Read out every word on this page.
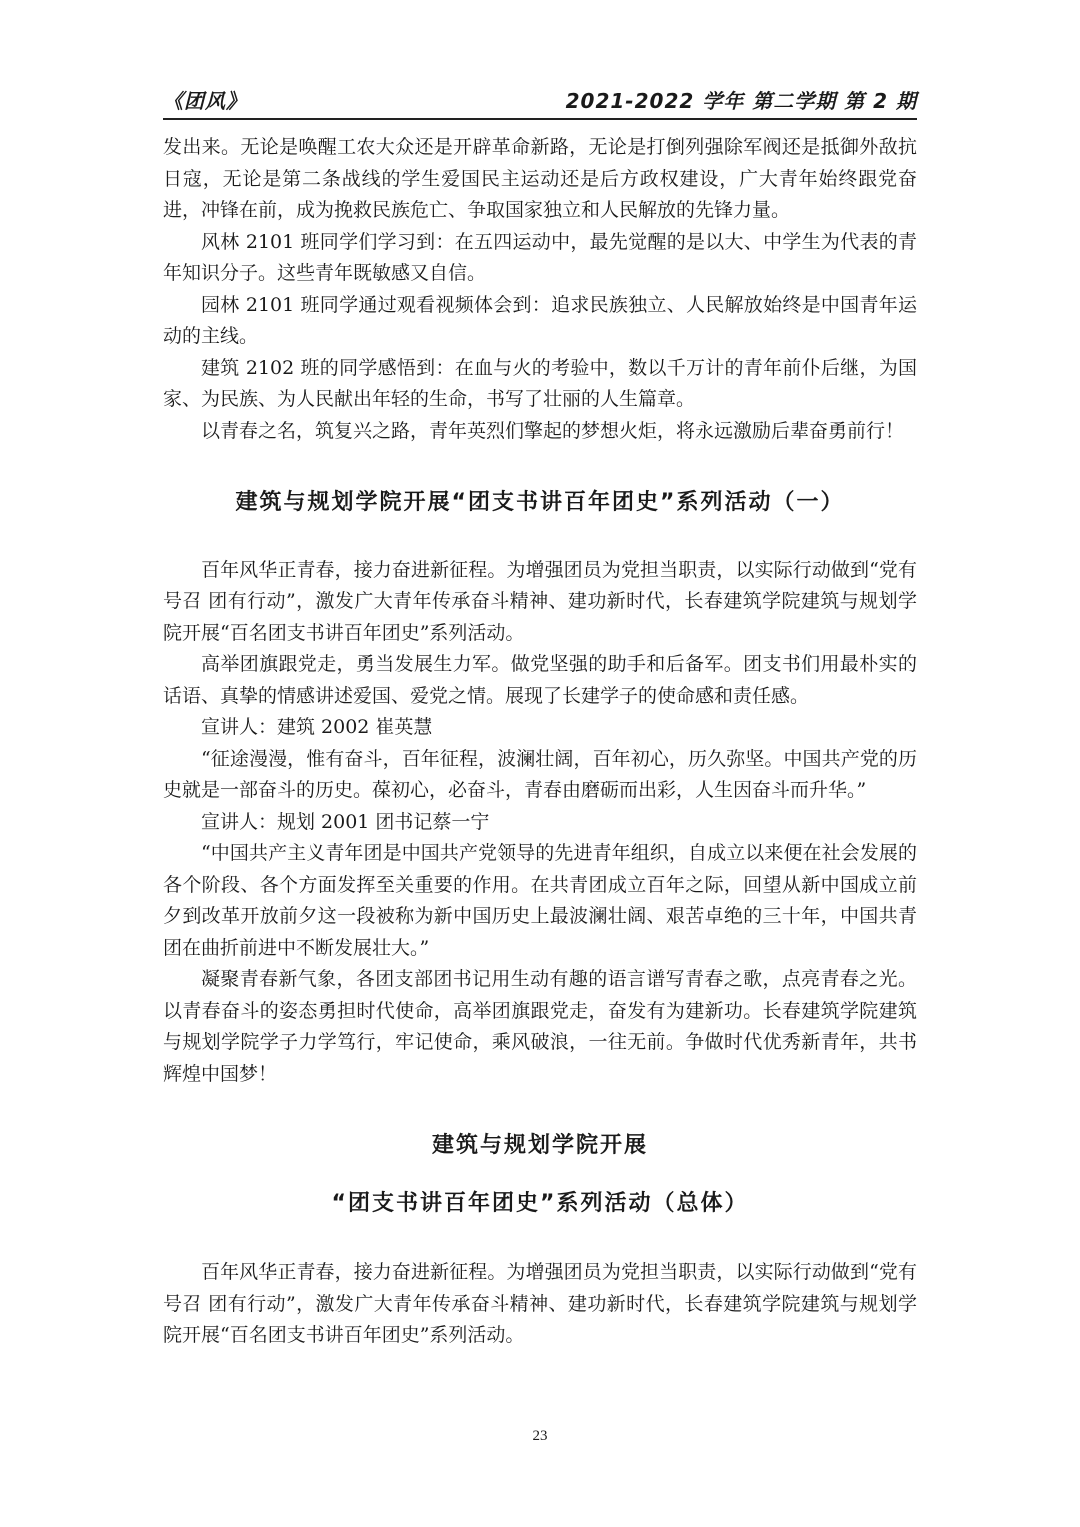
《团风》	2021-2022 学年 第二学期 第 2 期

发出来。无论是唤醒工农大众还是开辟革命新路，无论是打倒列强除军阀还是抵御外敌抗日寇，无论是第二条战线的学生爱国民主运动还是后方政权建设，广大青年始终跟党奋进，冲锋在前，成为挽救民族危亡、争取国家独立和人民解放的先锋力量。

风林 2101 班同学们学习到：在五四运动中，最先觉醒的是以大、中学生为代表的青年知识分子。这些青年既敏感又自信。

园林 2101 班同学通过观看视频体会到：追求民族独立、人民解放始终是中国青年运动的主线。

建筑 2102 班的同学感悟到：在血与火的考验中，数以千万计的青年前仆后继，为国家、为民族、为人民献出年轻的生命，书写了壮丽的人生篇章。

以青春之名，筑复兴之路，青年英烈们擎起的梦想火炬，将永远激励后辈奋勇前行！

建筑与规划学院开展“团支书讲百年团史”系列活动（一）

百年风华正青春，接力奋进新征程。为增强团员为党担当职责，以实际行动做到“党有号召 团有行动”，激发广大青年传承奋斗精神、建功新时代，长春建筑学院建筑与规划学院开展“百名团支书讲百年团史”系列活动。

高举团旗跟党走，勇当发展生力军。做党坚强的助手和后备军。团支书们用最朴实的话语、真挚的情感讲述爱国、爱党之情。展现了长建学子的使命感和责任感。

宣讲人：建筑 2002 崔英慧

“征途漫漫，惟有奋斗，百年征程，波澜壮阔，百年初心，历久弥坚。中国共产党的历史就是一部奋斗的历史。葆初心，必奋斗，青春由磨砺而出彩，人生因奋斗而升华。”

宣讲人：规划 2001 团书记蔡一宁

“中国共产主义青年团是中国共产党领导的先进青年组织，自成立以来便在社会发展的各个阶段、各个方面发挥至关重要的作用。在共青团成立百年之际，回望从新中国成立前夕到改革开放前夕这一段被称为新中国历史上最波澜壮阔、艰苦卓绝的三十年，中国共青团在曲折前进中不断发展壮大。”

凝聚青春新气象，各团支部团书记用生动有趣的语言谱写青春之歌，点亮青春之光。以青春奋斗的姿态勇担时代使命，高举团旗跟党走，奋发有为建新功。长春建筑学院建筑与规划学院学子力学笃行，牢记使命，乘风破浪，一往无前。争做时代优秀新青年，共书辉煌中国梦！

建筑与规划学院开展
“团支书讲百年团史”系列活动（总体）

百年风华正青春，接力奋进新征程。为增强团员为党担当职责，以实际行动做到“党有号召 团有行动”，激发广大青年传承奋斗精神、建功新时代，长春建筑学院建筑与规划学院开展“百名团支书讲百年团史”系列活动。

23
